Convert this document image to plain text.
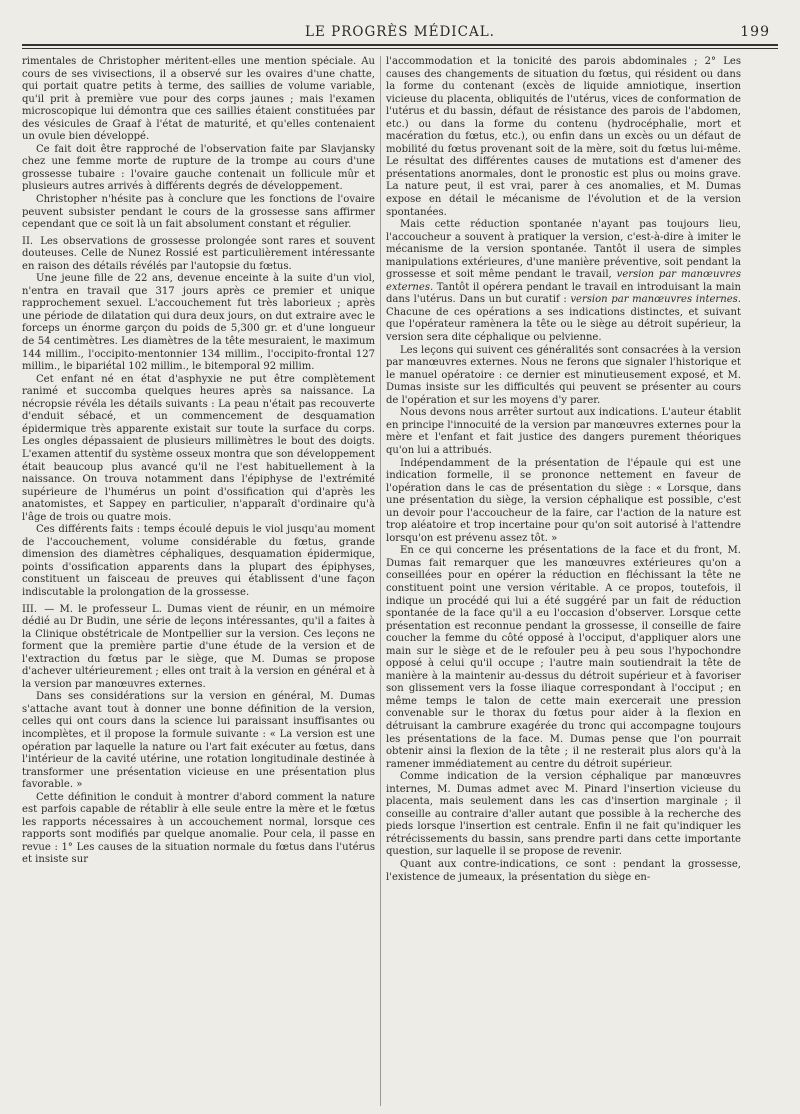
LE PROGRÈS MÉDICAL.	199

rimentales de Christopher méritent-elles une mention spéciale. Au cours de ses vivisections, il a observé sur les ovaires d'une chatte, qui portait quatre petits à terme, des saillies de volume variable, qu'il prit à première vue pour des corps jaunes ; mais l'examen microscopique lui démontra que ces saillies étaient constituées par des vésicules de Graaf à l'état de maturité, et qu'elles contenaient un ovule bien développé.

Ce fait doit être rapproché de l'observation faite par Slavjansky chez une femme morte de rupture de la trompe au cours d'une grossesse tubaire : l'ovaire gauche contenait un follicule mûr et plusieurs autres arrivés à différents degrés de développement.

Christopher n'hésite pas à conclure que les fonctions de l'ovaire peuvent subsister pendant le cours de la grossesse sans affirmer cependant que ce soit là un fait absolument constant et régulier.

II. Les observations de grossesse prolongée sont rares et souvent douteuses. Celle de Nunez Rossié est particulièrement intéressante en raison des détails révélés par l'autopsie du fœtus.

Une jeune fille de 22 ans, devenue enceinte à la suite d'un viol, n'entra en travail que 317 jours après ce premier et unique rapprochement sexuel. L'accouchement fut très laborieux ; après une période de dilatation qui dura deux jours, on dut extraire avec le forceps un énorme garçon du poids de 5,300 gr. et d'une longueur de 54 centimètres. Les diamètres de la tête mesuraient, le maximum 144 millim., l'occipito-mentonnier 134 millim., l'occipito-frontal 127 millim., le bipariétal 102 millim., le bitemporal 92 millim.

Cet enfant né en état d'asphyxie ne put être complètement ranimé et succomba quelques heures après sa naissance. La nécropsie révéla les détails suivants : La peau n'était pas recouverte d'enduit sébacé, et un commencement de desquamation épidermique très apparente existait sur toute la surface du corps. Les ongles dépassaient de plusieurs millimètres le bout des doigts. L'examen attentif du système osseux montra que son développement était beaucoup plus avancé qu'il ne l'est habituellement à la naissance. On trouva notamment dans l'épiphyse de l'extrémité supérieure de l'humérus un point d'ossification qui d'après les anatomistes, et Sappey en particulier, n'apparaît d'ordinaire qu'à l'âge de trois ou quatre mois.

Ces différents faits : temps écoulé depuis le viol jusqu'au moment de l'accouchement, volume considérable du fœtus, grande dimension des diamètres céphaliques, desquamation épidermique, points d'ossification apparents dans la plupart des épiphyses, constituent un faisceau de preuves qui établissent d'une façon indiscutable la prolongation de la grossesse.

III. — M. le professeur L. Dumas vient de réunir, en un mémoire dédié au Dr Budin, une série de leçons intéressantes, qu'il a faites à la Clinique obstétricale de Montpellier sur la version. Ces leçons ne forment que la première partie d'une étude de la version et de l'extraction du fœtus par le siège, que M. Dumas se propose d'achever ultérieurement ; elles ont trait à la version en général et à la version par manœuvres externes.

Dans ses considérations sur la version en général, M. Dumas s'attache avant tout à donner une bonne définition de la version, celles qui ont cours dans la science lui paraissant insuffisantes ou incomplètes, et il propose la formule suivante : « La version est une opération par laquelle la nature ou l'art fait exécuter au fœtus, dans l'intérieur de la cavité utérine, une rotation longitudinale destinée à transformer une présentation vicieuse en une présentation plus favorable. »

Cette définition le conduit à montrer d'abord comment la nature est parfois capable de rétablir à elle seule entre la mère et le fœtus les rapports nécessaires à un accouchement normal, lorsque ces rapports sont modifiés par quelque anomalie. Pour cela, il passe en revue : 1° Les causes de la situation normale du fœtus dans l'utérus et insiste sur

l'accommodation et la tonicité des parois abdominales ; 2° Les causes des changements de situation du fœtus, qui résident ou dans la forme du contenant (excès de liquide amniotique, insertion vicieuse du placenta, obliquités de l'utérus, vices de conformation de l'utérus et du bassin, défaut de résistance des parois de l'abdomen, etc.) ou dans la forme du contenu (hydrocéphalie, mort et macération du fœtus, etc.), ou enfin dans un excès ou un défaut de mobilité du fœtus provenant soit de la mère, soit du fœtus lui-même. Le résultat des différentes causes de mutations est d'amener des présentations anormales, dont le pronostic est plus ou moins grave. La nature peut, il est vrai, parer à ces anomalies, et M. Dumas expose en détail le mécanisme de l'évolution et de la version spontanées.

Mais cette réduction spontanée n'ayant pas toujours lieu, l'accoucheur a souvent à pratiquer la version, c'est-à-dire à imiter le mécanisme de la version spontanée. Tantôt il usera de simples manipulations extérieures, d'une manière préventive, soit pendant la grossesse et soit même pendant le travail, version par manœuvres externes. Tantôt il opérera pendant le travail en introduisant la main dans l'utérus. Dans un but curatif : version par manœuvres internes. Chacune de ces opérations a ses indications distinctes, et suivant que l'opérateur ramènera la tête ou le siège au détroit supérieur, la version sera dite céphalique ou pelvienne.

Les leçons qui suivent ces généralités sont consacrées à la version par manœuvres externes. Nous ne ferons que signaler l'historique et le manuel opératoire : ce dernier est minutieusement exposé, et M. Dumas insiste sur les difficultés qui peuvent se présenter au cours de l'opération et sur les moyens d'y parer.

Nous devons nous arrêter surtout aux indications. L'auteur établit en principe l'innocuité de la version par manœuvres externes pour la mère et l'enfant et fait justice des dangers purement théoriques qu'on lui a attribués.

Indépendamment de la présentation de l'épaule qui est une indication formelle, il se prononce nettement en faveur de l'opération dans le cas de présentation du siège : « Lorsque, dans une présentation du siège, la version céphalique est possible, c'est un devoir pour l'accoucheur de la faire, car l'action de la nature est trop aléatoire et trop incertaine pour qu'on soit autorisé à l'attendre lorsqu'on est prévenu assez tôt. »

En ce qui concerne les présentations de la face et du front, M. Dumas fait remarquer que les manœuvres extérieures qu'on a conseillées pour en opérer la réduction en fléchissant la tête ne constituent point une version véritable. A ce propos, toutefois, il indique un procédé qui lui a été suggéré par un fait de réduction spontanée de la face qu'il a eu l'occasion d'observer. Lorsque cette présentation est reconnue pendant la grossesse, il conseille de faire coucher la femme du côté opposé à l'occiput, d'appliquer alors une main sur le siège et de le refouler peu à peu sous l'hypochondre opposé à celui qu'il occupe ; l'autre main soutiendrait la tête de manière à la maintenir au-dessus du détroit supérieur et à favoriser son glissement vers la fosse iliaque correspondant à l'occiput ; en même temps le talon de cette main exercerait une pression convenable sur le thorax du fœtus pour aider à la flexion en détruisant la cambrure exagérée du tronc qui accompagne toujours les présentations de la face. M. Dumas pense que l'on pourrait obtenir ainsi la flexion de la tête ; il ne resterait plus alors qu'à la ramener immédiatement au centre du détroit supérieur.

Comme indication de la version céphalique par manœuvres internes, M. Dumas admet avec M. Pinard l'insertion vicieuse du placenta, mais seulement dans les cas d'insertion marginale ; il conseille au contraire d'aller autant que possible à la recherche des pieds lorsque l'insertion est centrale. Enfin il ne fait qu'indiquer les rétrécissements du bassin, sans prendre parti dans cette importante question, sur laquelle il se propose de revenir.

Quant aux contre-indications, ce sont : pendant la grossesse, l'existence de jumeaux, la présentation du siège en-
